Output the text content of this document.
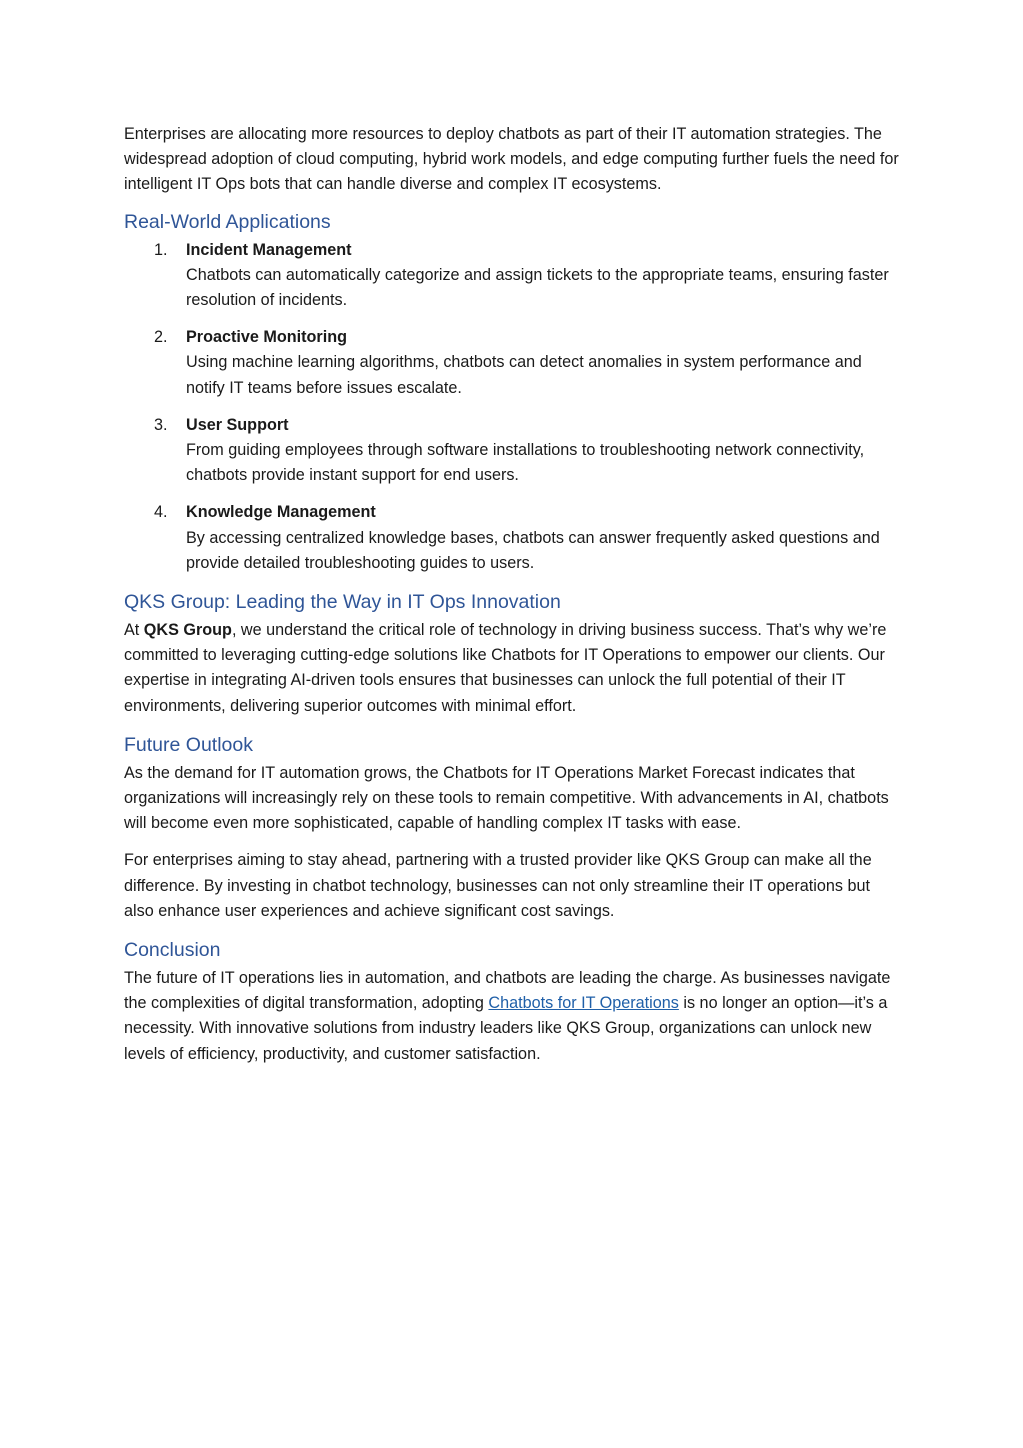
Enterprises are allocating more resources to deploy chatbots as part of their IT automation strategies. The widespread adoption of cloud computing, hybrid work models, and edge computing further fuels the need for intelligent IT Ops bots that can handle diverse and complex IT ecosystems.

Real-World Applications
1. Incident Management
Chatbots can automatically categorize and assign tickets to the appropriate teams, ensuring faster resolution of incidents.
2. Proactive Monitoring
Using machine learning algorithms, chatbots can detect anomalies in system performance and notify IT teams before issues escalate.
3. User Support
From guiding employees through software installations to troubleshooting network connectivity, chatbots provide instant support for end users.
4. Knowledge Management
By accessing centralized knowledge bases, chatbots can answer frequently asked questions and provide detailed troubleshooting guides to users.
QKS Group: Leading the Way in IT Ops Innovation

At QKS Group, we understand the critical role of technology in driving business success. That’s why we’re committed to leveraging cutting-edge solutions like Chatbots for IT Operations to empower our clients. Our expertise in integrating AI-driven tools ensures that businesses can unlock the full potential of their IT environments, delivering superior outcomes with minimal effort.

Future Outlook

As the demand for IT automation grows, the Chatbots for IT Operations Market Forecast indicates that organizations will increasingly rely on these tools to remain competitive. With advancements in AI, chatbots will become even more sophisticated, capable of handling complex IT tasks with ease.

For enterprises aiming to stay ahead, partnering with a trusted provider like QKS Group can make all the difference. By investing in chatbot technology, businesses can not only streamline their IT operations but also enhance user experiences and achieve significant cost savings.

Conclusion

The future of IT operations lies in automation, and chatbots are leading the charge. As businesses navigate the complexities of digital transformation, adopting Chatbots for IT Operations is no longer an option—it’s a necessity. With innovative solutions from industry leaders like QKS Group, organizations can unlock new levels of efficiency, productivity, and customer satisfaction.
